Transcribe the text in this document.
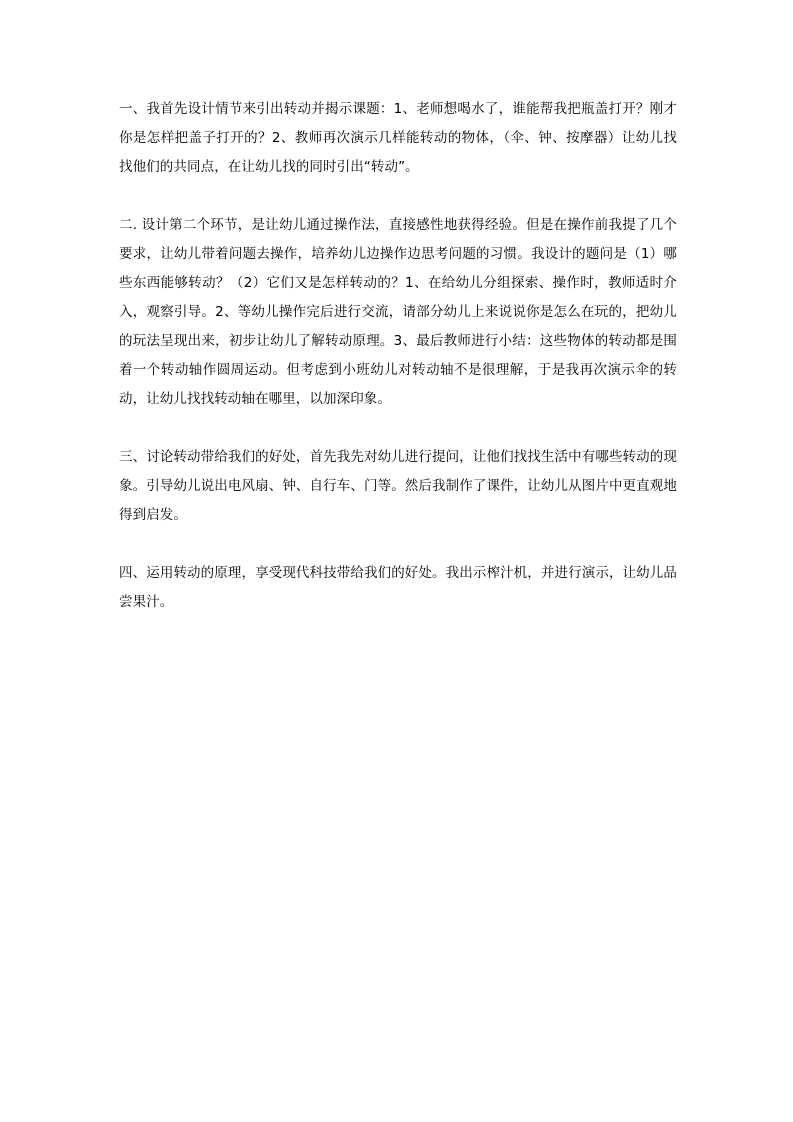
一、我首先设计情节来引出转动并揭示课题：1、老师想喝水了，谁能帮我把瓶盖打开？刚才你是怎样把盖子打开的？2、教师再次演示几样能转动的物体，（伞、钟、按摩器）让幼儿找找他们的共同点，在让幼儿找的同时引出“转动”。

二. 设计第二个环节，是让幼儿通过操作法，直接感性地获得经验。但是在操作前我提了几个要求，让幼儿带着问题去操作，培养幼儿边操作边思考问题的习惯。我设计的题问是（1）哪些东西能够转动？（2）它们又是怎样转动的？1、在给幼儿分组探索、操作时，教师适时介入，观察引导。2、等幼儿操作完后进行交流，请部分幼儿上来说说你是怎么在玩的，把幼儿的玩法呈现出来，初步让幼儿了解转动原理。3、最后教师进行小结：这些物体的转动都是围着一个转动轴作圆周运动。但考虑到小班幼儿对转动轴不是很理解，于是我再次演示伞的转动，让幼儿找找转动轴在哪里，以加深印象。

三、讨论转动带给我们的好处，首先我先对幼儿进行提问，让他们找找生活中有哪些转动的现象。引导幼儿说出电风扇、钟、自行车、门等。然后我制作了课件，让幼儿从图片中更直观地得到启发。

四、运用转动的原理，享受现代科技带给我们的好处。我出示榨汁机，并进行演示，让幼儿品尝果汁。
